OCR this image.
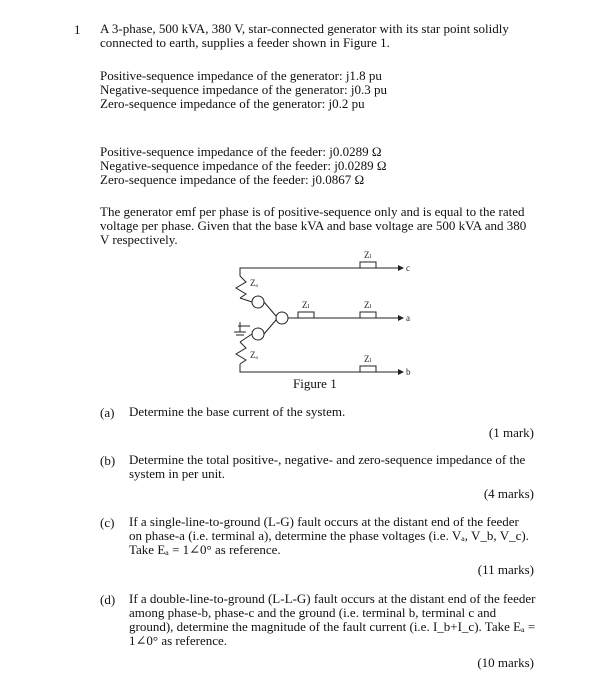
1 A 3-phase, 500 kVA, 380 V, star-connected generator with its star point solidly
connected to earth, supplies a feeder shown in Figure 1.
Positive-sequence impedance of the generator: j1.8 pu
Negative-sequence impedance of the generator: j0.3 pu
Zero-sequence impedance of the generator: j0.2 pu
Positive-sequence impedance of the feeder: j0.0289 Ω
Negative-sequence impedance of the feeder: j0.0289 Ω
Zero-sequence impedance of the feeder: j0.0867 Ω
The generator emf per phase is of positive-sequence only and is equal to the rated
voltage per phase. Given that the base kVA and base voltage are 500 kVA and 380
V respectively.
Zₒ
Zₒ
Zₗ
Zₗ	Zₗ
Zₗ
c
a
b
Figure 1
(a) Determine the base current of the system.
(1 mark)
(b) Determine the total positive-, negative- and zero-sequence impedance of the
system in per unit.
(4 marks)
(c) If a single-line-to-ground (L-G) fault occurs at the distant end of the feeder
on phase-a (i.e. terminal a), determine the phase voltages (i.e. Vₐ, V_b, V_c).
Take Eₐ = 1∠0° as reference.
(11 marks)
(d) If a double-line-to-ground (L-L-G) fault occurs at the distant end of the feeder
among phase-b, phase-c and the ground (i.e. terminal b, terminal c and
ground), determine the magnitude of the fault current (i.e. I_b+I_c). Take Eₐ =
1∠0° as reference.
(10 marks)
